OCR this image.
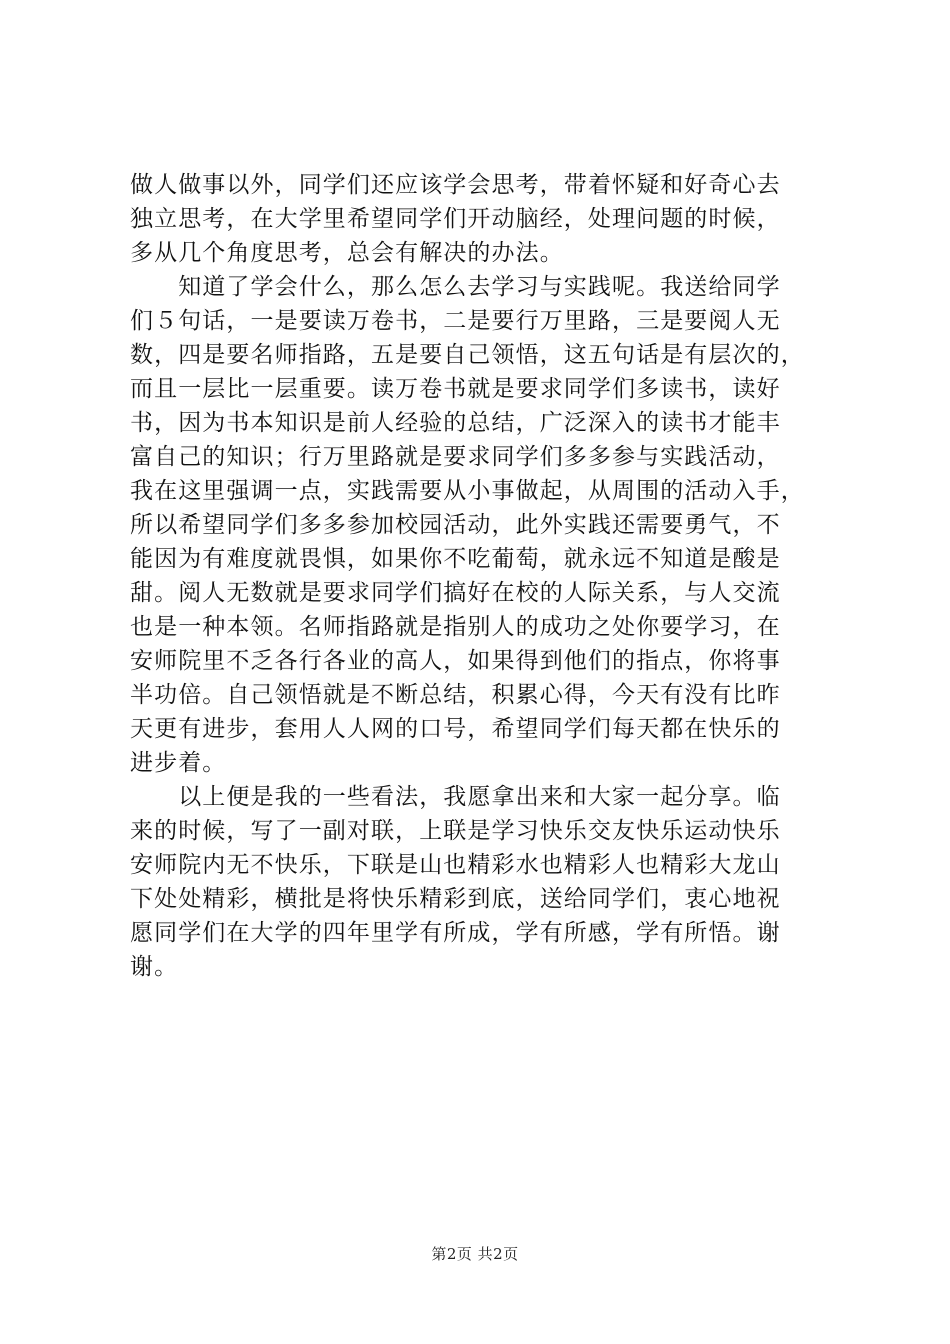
做人做事以外，同学们还应该学会思考，带着怀疑和好奇心去
独立思考，在大学里希望同学们开动脑经，处理问题的时候，
多从几个角度思考，总会有解决的办法。
　　知道了学会什么，那么怎么去学习与实践呢。我送给同学
们５句话，一是要读万卷书，二是要行万里路，三是要阅人无
数，四是要名师指路，五是要自己领悟，这五句话是有层次的，
而且一层比一层重要。读万卷书就是要求同学们多读书，读好
书，因为书本知识是前人经验的总结，广泛深入的读书才能丰
富自己的知识；行万里路就是要求同学们多多参与实践活动，
我在这里强调一点，实践需要从小事做起，从周围的活动入手，
所以希望同学们多多参加校园活动，此外实践还需要勇气，不
能因为有难度就畏惧，如果你不吃葡萄，就永远不知道是酸是
甜。阅人无数就是要求同学们搞好在校的人际关系，与人交流
也是一种本领。名师指路就是指别人的成功之处你要学习，在
安师院里不乏各行各业的高人，如果得到他们的指点，你将事
半功倍。自己领悟就是不断总结，积累心得，今天有没有比昨
天更有进步，套用人人网的口号，希望同学们每天都在快乐的
进步着。
　　以上便是我的一些看法，我愿拿出来和大家一起分享。临
来的时候，写了一副对联，上联是学习快乐交友快乐运动快乐
安师院内无不快乐，下联是山也精彩水也精彩人也精彩大龙山
下处处精彩，横批是将快乐精彩到底，送给同学们，衷心地祝
愿同学们在大学的四年里学有所成，学有所感，学有所悟。谢
谢。
第2页 共2页
